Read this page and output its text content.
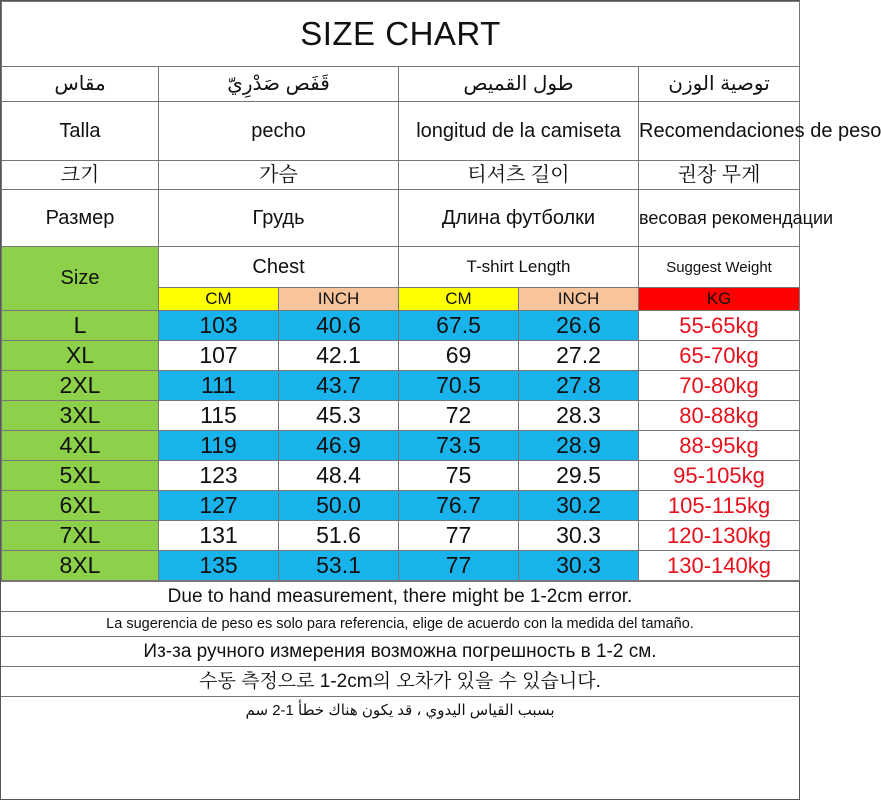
SIZE CHART					
مقاس	قَفَص صَدْرِيّ		طول القميص		توصية الوزن
Talla	pecho		longitud de la camiseta		Recomendaciones de peso
크기	가슴		티셔츠 길이		권장 무게
Размер	Грудь		Длина футболки		весовая рекомендации
Size	Chest		T-shirt Length		Suggest Weight
	CM	INCH	CM	INCH	KG
L	103	40.6	67.5	26.6	55-65kg
XL	107	42.1	69	27.2	65-70kg
2XL	111	43.7	70.5	27.8	70-80kg
3XL	115	45.3	72	28.3	80-88kg
4XL	119	46.9	73.5	28.9	88-95kg
5XL	123	48.4	75	29.5	95-105kg
6XL	127	50.0	76.7	30.2	105-115kg
7XL	131	51.6	77	30.3	120-130kg
8XL	135	53.1	77	30.3	130-140kg
Due to hand measurement, there might be 1-2cm error.
La sugerencia de peso es solo para referencia, elige de acuerdo con la medida del tamaño.
Из-за ручного измерения возможна погрешность в 1-2 см.
수동 측정으로 1-2cm의 오차가 있을 수 있습니다.
بسبب القياس اليدوي ، قد يكون هناك خطأ 1-2 سم
